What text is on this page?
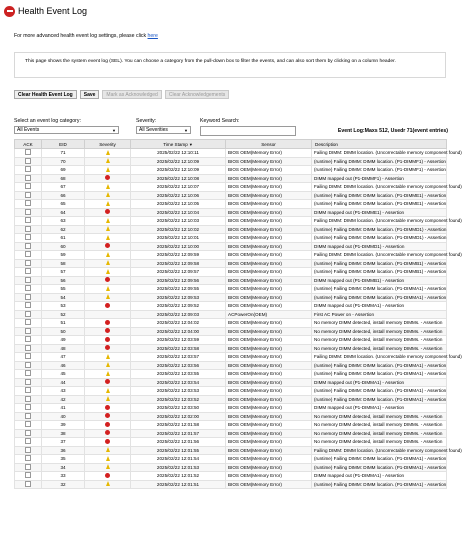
Health Event Log
For more advanced health event log settings, please click here
This page shows the system event log (SEL). You can choose a category from the pull-down box to filter the events, and can also sort them by clicking on a column header.
Clear Health Event Log	Save	Mark as Acknowledged	Clear Acknowledgements
Select an event log category:
All Events	▼
Severity:
All Severities	▼
Keyword Search:
Event Log:Maxs 512, Usedr 71(event entries)
ACK	EID	Severity	Time Stamp▼	Sensor	Description
	71		2025/02/22 12:10:11	BIOS OEM(Memory Error)	Failing DIMM: DIMM location. (Uncorrectable memory component found)
	70		2025/02/22 12:10:09	BIOS OEM(Memory Error)	(runtime) Failing DIMM: DIMM location. (P1-DIMMF1) - Assertion
	69		2025/02/22 12:10:09	BIOS OEM(Memory Error)	(runtime) Failing DIMM: DIMM location. (P1-DIMMF1) - Assertion
	68		2025/02/22 12:10:08	BIOS OEM(Memory Error)	DIMM mapped out (P1-DIMMF1) - Assertion
	67		2025/02/22 12:10:07	BIOS OEM(Memory Error)	Failing DIMM: DIMM location. (Uncorrectable memory component found)
	66		2025/02/22 12:10:06	BIOS OEM(Memory Error)	(runtime) Failing DIMM: DIMM location. (P1-DIMME1) - Assertion
	65		2025/02/22 12:10:05	BIOS OEM(Memory Error)	(runtime) Failing DIMM: DIMM location. (P1-DIMME1) - Assertion
	64		2025/02/22 12:10:04	BIOS OEM(Memory Error)	DIMM mapped out (P1-DIMME1) - Assertion
	63		2025/02/22 12:10:03	BIOS OEM(Memory Error)	Failing DIMM: DIMM location. (Uncorrectable memory component found)
	62		2025/02/22 12:10:02	BIOS OEM(Memory Error)	(runtime) Failing DIMM: DIMM location. (P1-DIMMD1) - Assertion
	61		2025/02/22 12:10:01	BIOS OEM(Memory Error)	(runtime) Failing DIMM: DIMM location. (P1-DIMMD1) - Assertion
	60		2025/02/22 12:10:00	BIOS OEM(Memory Error)	DIMM mapped out (P1-DIMMD1) - Assertion
	59		2025/02/22 12:09:59	BIOS OEM(Memory Error)	Failing DIMM: DIMM location. (Uncorrectable memory component found)
	58		2025/02/22 12:09:58	BIOS OEM(Memory Error)	(runtime) Failing DIMM: DIMM location. (P1-DIMMB1) - Assertion
	57		2025/02/22 12:09:57	BIOS OEM(Memory Error)	(runtime) Failing DIMM: DIMM location. (P1-DIMMB1) - Assertion
	56		2025/02/22 12:09:56	BIOS OEM(Memory Error)	DIMM mapped out (P1-DIMMB1) - Assertion
	55		2025/02/22 12:09:55	BIOS OEM(Memory Error)	(runtime) Failing DIMM: DIMM location. (P1-DIMMA1) - Assertion
	54		2025/02/22 12:09:53	BIOS OEM(Memory Error)	(runtime) Failing DIMM: DIMM location. (P1-DIMMA1) - Assertion
	53		2025/02/22 12:09:52	BIOS OEM(Memory Error)	DIMM mapped out (P1-DIMMA1) - Assertion
	52		2025/02/22 12:09:03	ACPowerOn(OEM)	First AC Power on - Assertion
	51		2025/02/22 12:04:02	BIOS OEM(Memory Error)	No memory DIMM detected, install memory DIMMs. - Assertion
	50		2025/02/22 12:04:00	BIOS OEM(Memory Error)	No memory DIMM detected, install memory DIMMs. - Assertion
	49		2025/02/22 12:03:59	BIOS OEM(Memory Error)	No memory DIMM detected, install memory DIMMs. - Assertion
	48		2025/02/22 12:03:58	BIOS OEM(Memory Error)	No memory DIMM detected, install memory DIMMs. - Assertion
	47		2025/02/22 12:03:57	BIOS OEM(Memory Error)	Failing DIMM: DIMM location. (Uncorrectable memory component found)
	46		2025/02/22 12:03:56	BIOS OEM(Memory Error)	(runtime) Failing DIMM: DIMM location. (P1-DIMMA1) - Assertion
	45		2025/02/22 12:03:55	BIOS OEM(Memory Error)	(runtime) Failing DIMM: DIMM location. (P1-DIMMA1) - Assertion
	44		2025/02/22 12:03:54	BIOS OEM(Memory Error)	DIMM mapped out (P1-DIMMA1) - Assertion
	43		2025/02/22 12:03:53	BIOS OEM(Memory Error)	(runtime) Failing DIMM: DIMM location. (P1-DIMMA1) - Assertion
	42		2025/02/22 12:03:52	BIOS OEM(Memory Error)	(runtime) Failing DIMM: DIMM location. (P1-DIMMA1) - Assertion
	41		2025/02/22 12:03:50	BIOS OEM(Memory Error)	DIMM mapped out (P1-DIMMA1) - Assertion
	40		2025/02/22 12:02:00	BIOS OEM(Memory Error)	No memory DIMM detected, install memory DIMMs. - Assertion
	39		2025/02/22 12:01:58	BIOS OEM(Memory Error)	No memory DIMM detected, install memory DIMMs. - Assertion
	38		2025/02/22 12:01:57	BIOS OEM(Memory Error)	No memory DIMM detected, install memory DIMMs. - Assertion
	37		2025/02/22 12:01:56	BIOS OEM(Memory Error)	No memory DIMM detected, install memory DIMMs. - Assertion
	36		2025/02/22 12:01:55	BIOS OEM(Memory Error)	Failing DIMM: DIMM location. (Uncorrectable memory component found)
	35		2025/02/22 12:01:54	BIOS OEM(Memory Error)	(runtime) Failing DIMM: DIMM location. (P1-DIMMA1) - Assertion
	34		2025/02/22 12:01:53	BIOS OEM(Memory Error)	(runtime) Failing DIMM: DIMM location. (P1-DIMMA1) - Assertion
	33		2025/02/22 12:01:52	BIOS OEM(Memory Error)	DIMM mapped out (P1-DIMMA1) - Assertion
	32		2025/02/22 12:01:51	BIOS OEM(Memory Error)	(runtime) Failing DIMM: DIMM location. (P1-DIMMA1) - Assertion
